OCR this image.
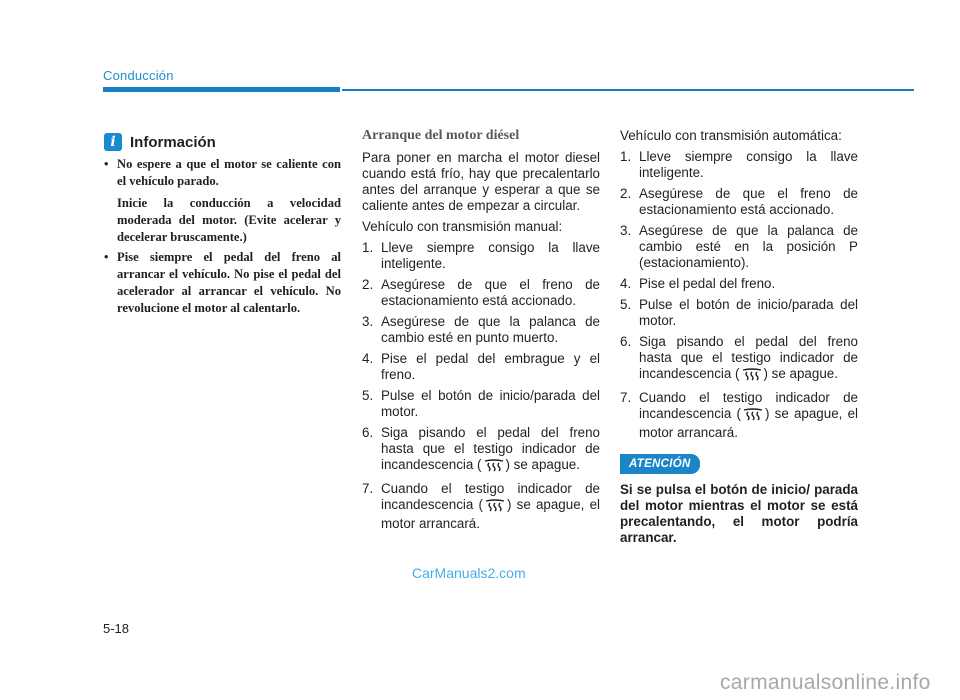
Conducción
i Información
• No espere a que el motor se caliente con el vehículo parado.

Inicie la conducción a velocidad moderada del motor. (Evite acelerar y decelerar bruscamente.)

• Pise siempre el pedal del freno al arrancar el vehículo. No pise el pedal del acelerador al arrancar el vehículo. No revolucione el motor al calentarlo.

Arranque del motor diésel

Para poner en marcha el motor diesel cuando está frío, hay que precalentarlo antes del arranque y esperar a que se caliente antes de empezar a circular.

Vehículo con transmisión manual:

1. Lleve siempre consigo la llave inteligente.
2. Asegúrese de que el freno de estacionamiento está accionado.
3. Asegúrese de que la palanca de cambio esté en punto muerto.
4. Pise el pedal del embrague y el freno.
5. Pulse el botón de inicio/parada del motor.
6. Siga pisando el pedal del freno hasta que el testigo indicador de incandescencia ( ) se apague.
7. Cuando el testigo indicador de incandescencia ( ) se apague, el motor arrancará.

Vehículo con transmisión automática:

1. Lleve siempre consigo la llave inteligente.
2. Asegúrese de que el freno de estacionamiento está accionado.
3. Asegúrese de que la palanca de cambio esté en la posición P (estacionamiento).
4. Pise el pedal del freno.
5. Pulse el botón de inicio/parada del motor.
6. Siga pisando el pedal del freno hasta que el testigo indicador de incandescencia ( ) se apague.
7. Cuando el testigo indicador de incandescencia ( ) se apague, el motor arrancará.
ATENCIÓN

Si se pulsa el botón de inicio/ parada del motor mientras el motor se está precalentando, el motor podría arrancar.

CarManuals2.com
5-18
carmanualsonline.info
